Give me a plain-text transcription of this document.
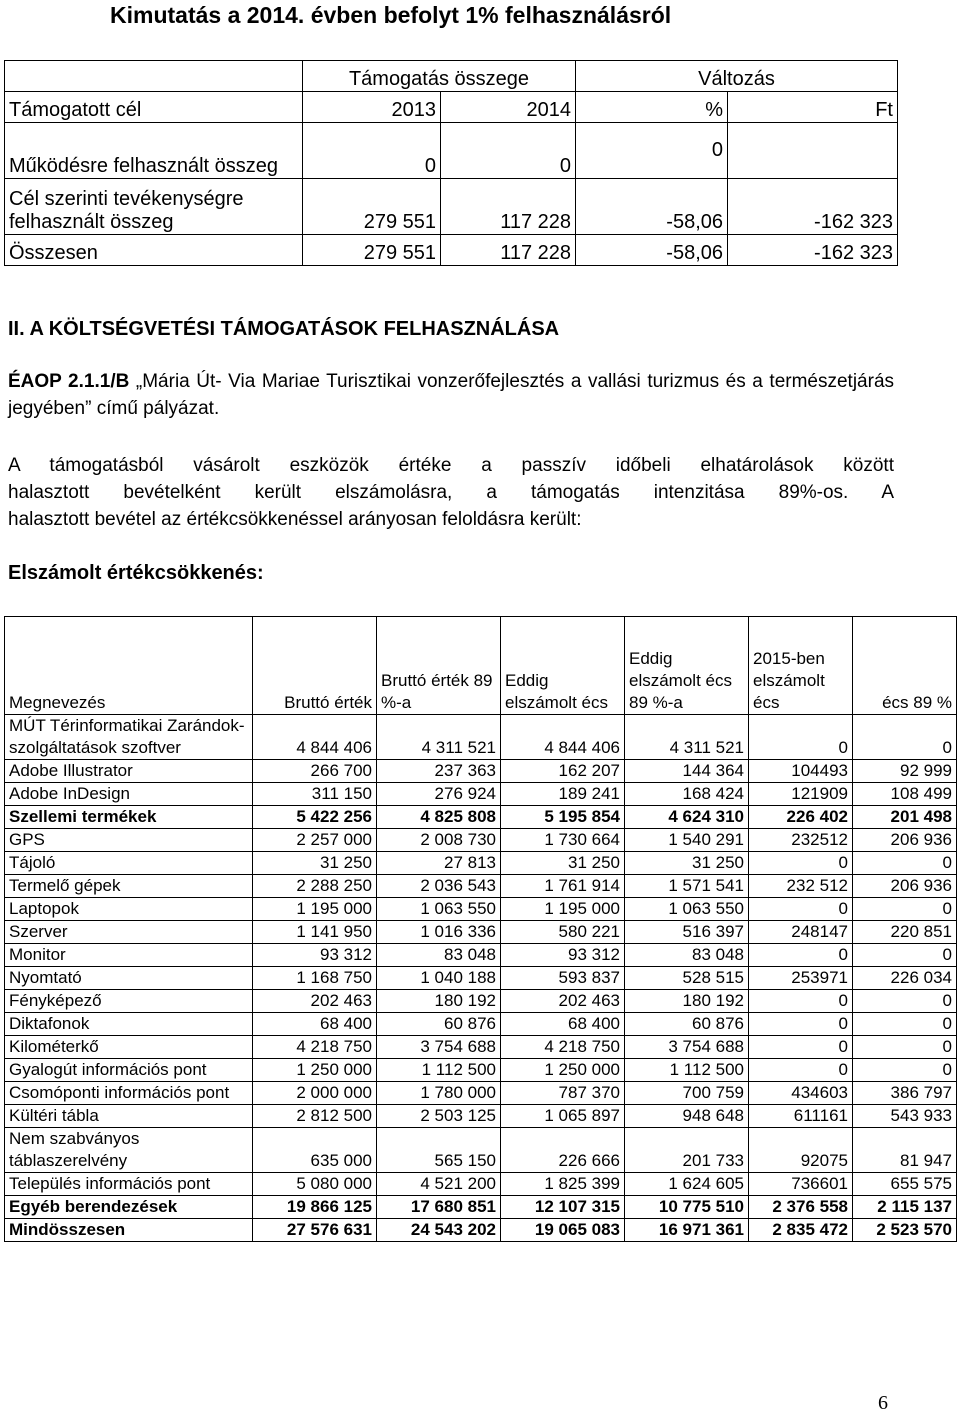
Kimutatás a 2014. évben befolyt 1% felhasználásról
	Támogatás összege		Változás	
Támogatott cél	2013	2014	%	Ft
Működésre felhasznált összeg	0	0	0	
Cél szerinti tevékenységre felhasznált összeg	279 551	117 228	-58,06	-162 323
Összesen	279 551	117 228	-58,06	-162 323
II. A KÖLTSÉGVETÉSI TÁMOGATÁSOK FELHASZNÁLÁSA
ÉAOP 2.1.1/B „Mária Út- Via Mariae Turisztikai vonzerőfejlesztés a vallási turizmus és a természetjárás jegyében” című pályázat.
A támogatásból vásárolt eszközök értéke a passzív időbeli elhatárolások között
halasztott bevételként került elszámolásra, a támogatás intenzitása 89%-os. A
halasztott bevétel az értékcsökkenéssel arányosan feloldásra került:
Elszámolt értékcsökkenés:
Megnevezés	Bruttó érték	Bruttó érték 89 %-a	Eddig elszámolt écs	Eddig elszámolt écs 89 %-a	2015-ben elszámolt écs	écs 89 %
MÚT Térinformatikai Zarándok-szolgáltatások szoftver	4 844 406	4 311 521	4 844 406	4 311 521	0	0
Adobe Illustrator	266 700	237 363	162 207	144 364	104493	92 999
Adobe InDesign	311 150	276 924	189 241	168 424	121909	108 499
Szellemi termékek	5 422 256	4 825 808	5 195 854	4 624 310	226 402	201 498
GPS	2 257 000	2 008 730	1 730 664	1 540 291	232512	206 936
Tájoló	31 250	27 813	31 250	31 250	0	0
Termelő gépek	2 288 250	2 036 543	1 761 914	1 571 541	232 512	206 936
Laptopok	1 195 000	1 063 550	1 195 000	1 063 550	0	0
Szerver	1 141 950	1 016 336	580 221	516 397	248147	220 851
Monitor	93 312	83 048	93 312	83 048	0	0
Nyomtató	1 168 750	1 040 188	593 837	528 515	253971	226 034
Fényképező	202 463	180 192	202 463	180 192	0	0
Diktafonok	68 400	60 876	68 400	60 876	0	0
Kilométerkő	4 218 750	3 754 688	4 218 750	3 754 688	0	0
Gyalogút információs pont	1 250 000	1 112 500	1 250 000	1 112 500	0	0
Csomóponti információs pont	2 000 000	1 780 000	787 370	700 759	434603	386 797
Kültéri tábla	2 812 500	2 503 125	1 065 897	948 648	611161	543 933
Nem szabványos táblaszerelvény	635 000	565 150	226 666	201 733	92075	81 947
Település információs pont	5 080 000	4 521 200	1 825 399	1 624 605	736601	655 575
Egyéb berendezések	19 866 125	17 680 851	12 107 315	10 775 510	2 376 558	2 115 137
Mindösszesen	27 576 631	24 543 202	19 065 083	16 971 361	2 835 472	2 523 570
6
